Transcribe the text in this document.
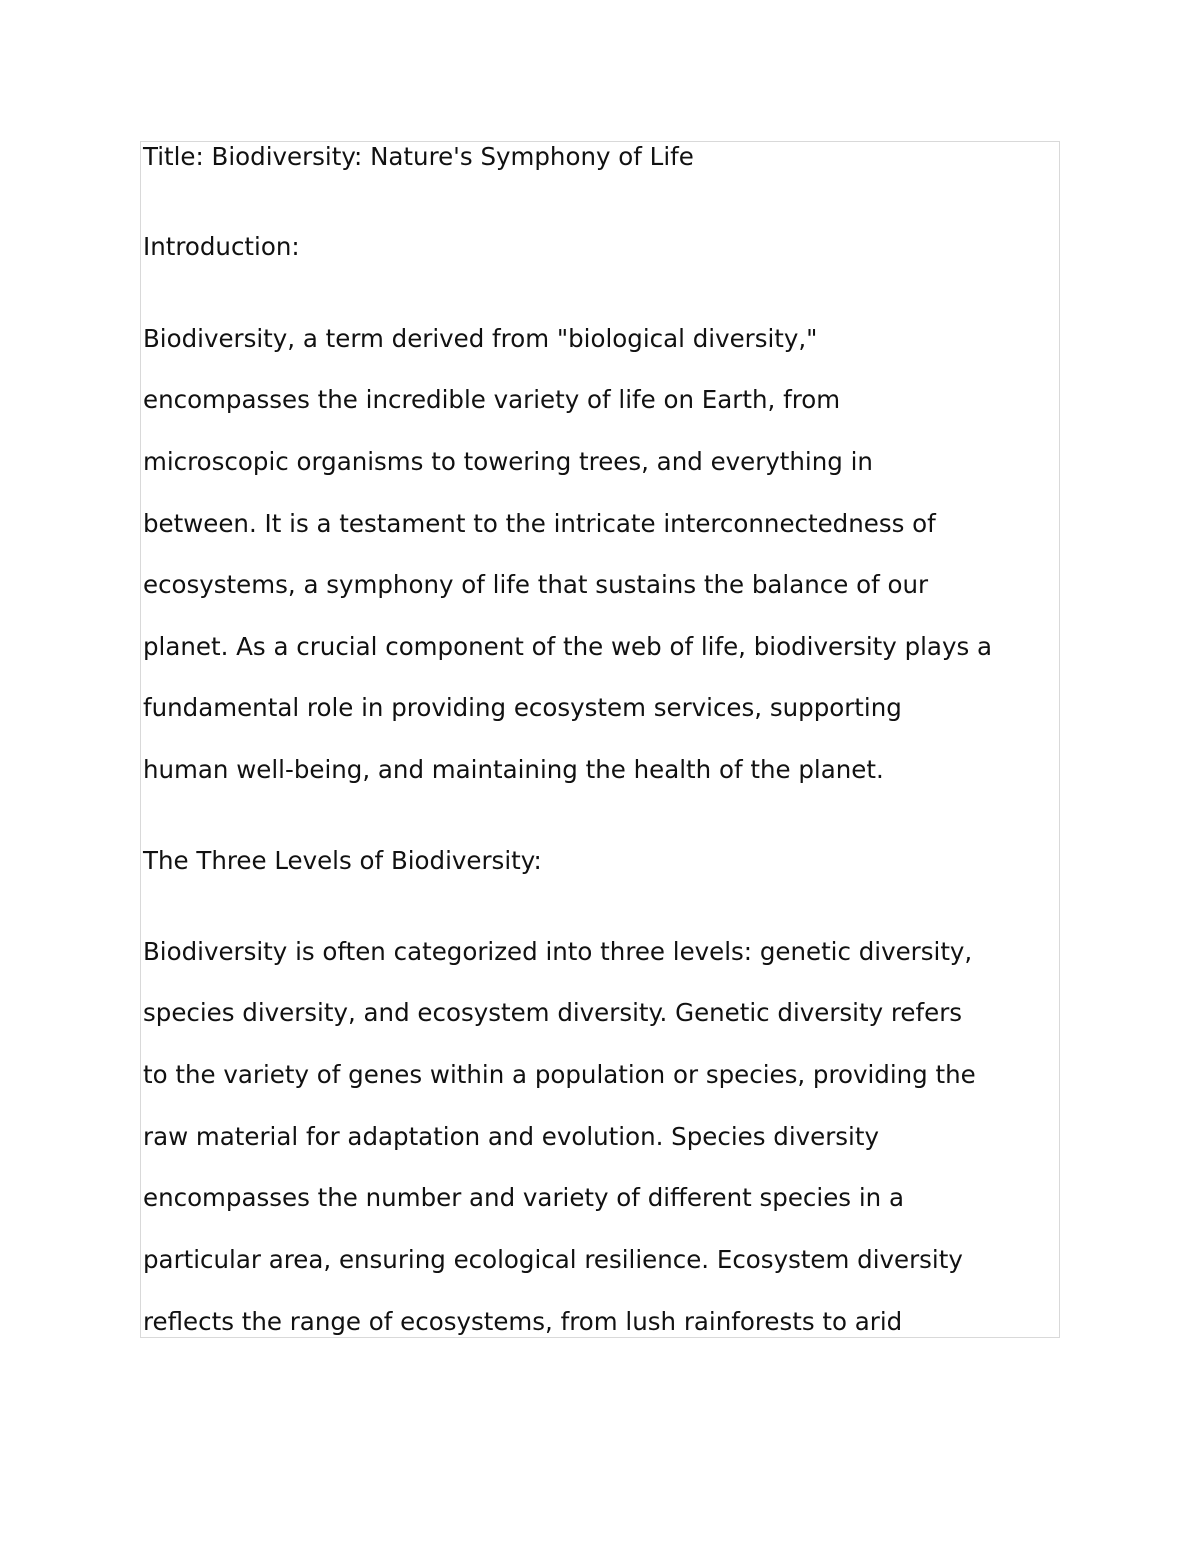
Title: Biodiversity: Nature's Symphony of Life
Introduction:
Biodiversity, a term derived from "biological diversity,"
encompasses the incredible variety of life on Earth, from
microscopic organisms to towering trees, and everything in
between. It is a testament to the intricate interconnectedness of
ecosystems, a symphony of life that sustains the balance of our
planet. As a crucial component of the web of life, biodiversity plays a
fundamental role in providing ecosystem services, supporting
human well-being, and maintaining the health of the planet.
The Three Levels of Biodiversity:
Biodiversity is often categorized into three levels: genetic diversity,
species diversity, and ecosystem diversity. Genetic diversity refers
to the variety of genes within a population or species, providing the
raw material for adaptation and evolution. Species diversity
encompasses the number and variety of different species in a
particular area, ensuring ecological resilience. Ecosystem diversity
reflects the range of ecosystems, from lush rainforests to arid
